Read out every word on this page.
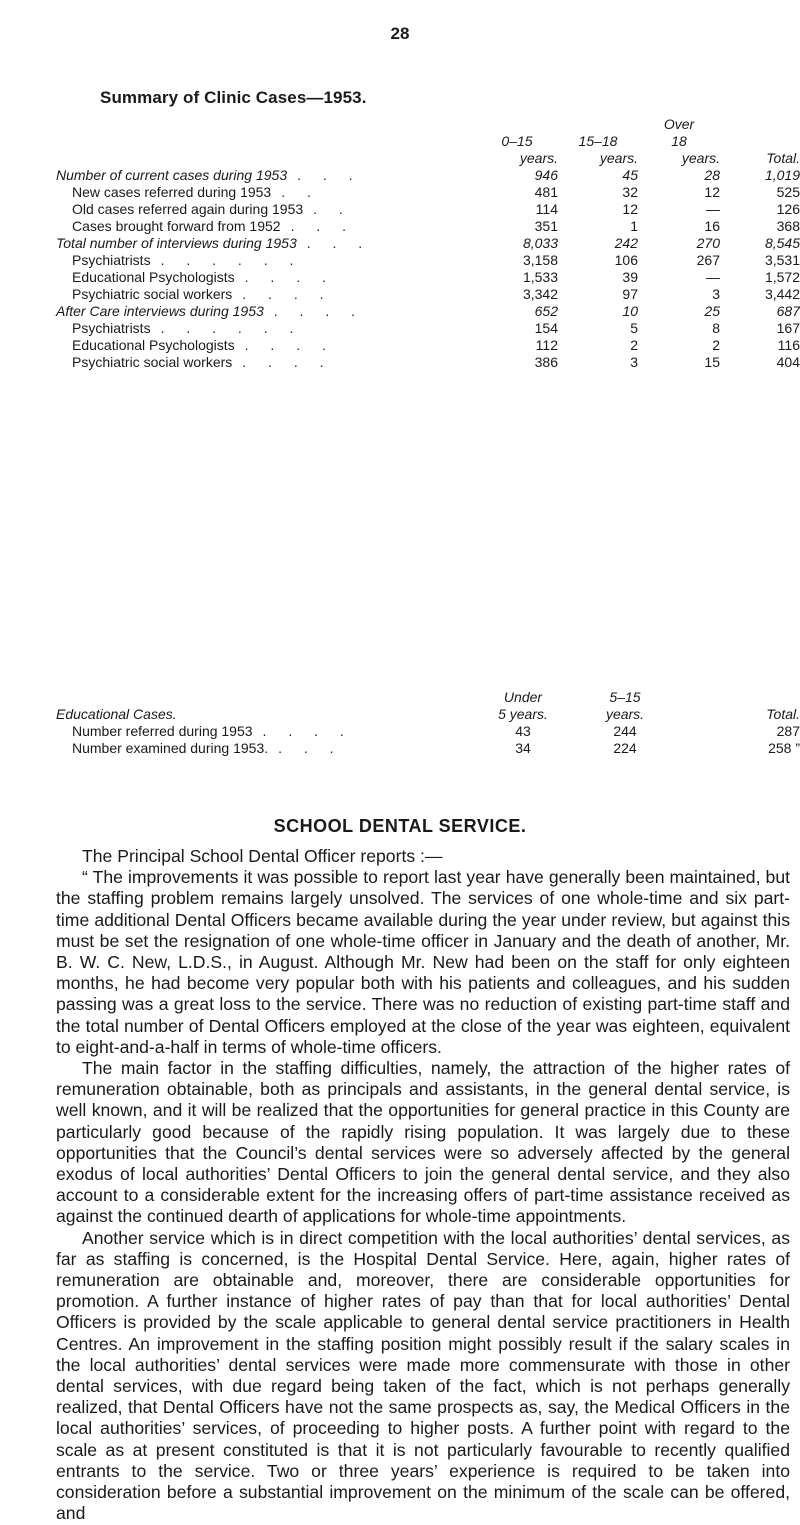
28
Summary of Clinic Cases—1953.
			Over	
	0–15	15–18	18	
	years.	years.	years.	Total.
Number of current cases during 1953 . . .	946	45	28	1,019
New cases referred during 1953 . .	481	32	12	525
Old cases referred again during 1953 . .	114	12	—	126
Cases brought forward from 1952 . . .	351	1	16	368
Total number of interviews during 1953 . . .	8,033	242	270	8,545
Psychiatrists . . . . . .	3,158	106	267	3,531
Educational Psychologists . . . .	1,533	39	—	1,572
Psychiatric social workers . . . .	3,342	97	3	3,442
After Care interviews during 1953 . . . .	652	10	25	687
Psychiatrists . . . . . .	154	5	8	167
Educational Psychologists . . . .	112	2	2	116
Psychiatric social workers . . . .	386	3	15	404
	Under	5–15	
Educational Cases.	5 years.	years.	Total.
Number referred during 1953 . . . .	43	244	287
Number examined during 1953. . . .	34	224	258 ”
SCHOOL DENTAL SERVICE.

The Principal School Dental Officer reports :—

“ The improvements it was possible to report last year have generally been maintained, but the staffing problem remains largely unsolved. The services of one whole-time and six part-time additional Dental Officers became available during the year under review, but against this must be set the resignation of one whole-time officer in January and the death of another, Mr. B. W. C. New, L.D.S., in August. Although Mr. New had been on the staff for only eighteen months, he had become very popular both with his patients and colleagues, and his sudden passing was a great loss to the service. There was no reduction of existing part-time staff and the total number of Dental Officers employed at the close of the year was eighteen, equivalent to eight-and-a-half in terms of whole-time officers.

The main factor in the staffing difficulties, namely, the attraction of the higher rates of remuneration obtainable, both as principals and assistants, in the general dental service, is well known, and it will be realized that the opportunities for general practice in this County are particularly good because of the rapidly rising population. It was largely due to these opportunities that the Council’s dental services were so adversely affected by the general exodus of local authorities’ Dental Officers to join the general dental service, and they also account to a considerable extent for the increasing offers of part-time assistance received as against the continued dearth of applications for whole-time appointments.

Another service which is in direct competition with the local authorities’ dental services, as far as staffing is concerned, is the Hospital Dental Service. Here, again, higher rates of remuneration are obtainable and, moreover, there are considerable opportunities for promotion. A further instance of higher rates of pay than that for local authorities’ Dental Officers is provided by the scale applicable to general dental service practitioners in Health Centres. An improvement in the staffing position might possibly result if the salary scales in the local authorities’ dental services were made more commensurate with those in other dental services, with due regard being taken of the fact, which is not perhaps generally realized, that Dental Officers have not the same prospects as, say, the Medical Officers in the local authorities’ services, of proceeding to higher posts. A further point with regard to the scale as at present constituted is that it is not particularly favourable to recently qualified entrants to the service. Two or three years’ experience is required to be taken into consideration before a substantial improvement on the minimum of the scale can be offered, and
